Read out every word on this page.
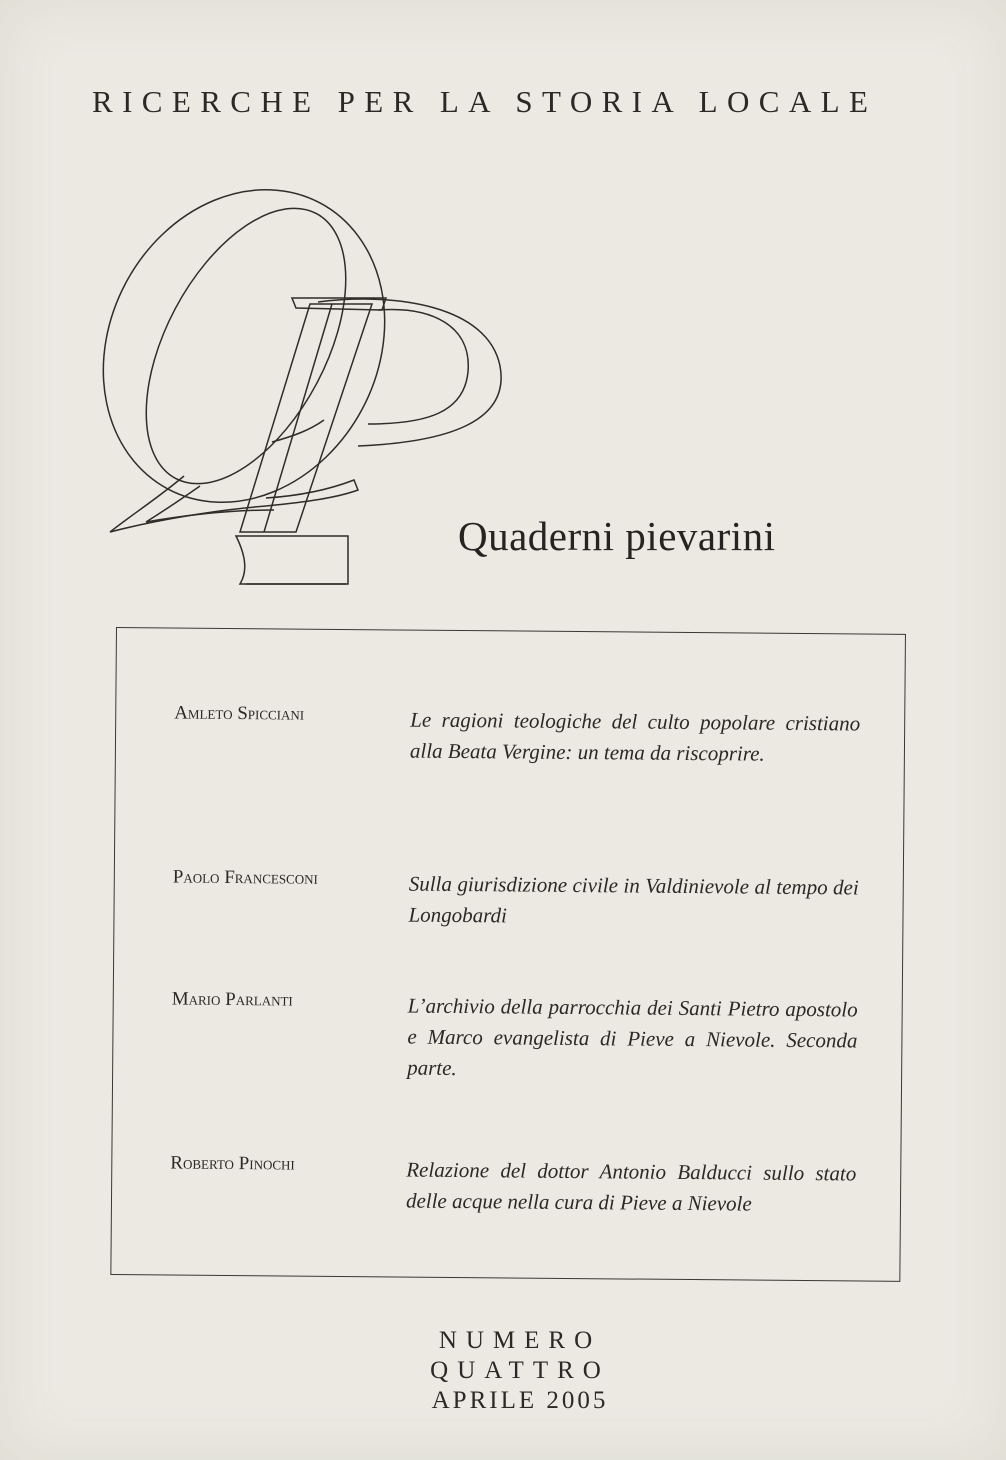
RICERCHE PER LA STORIA LOCALE
Quaderni pievarini
Amleto Spicciani	Le ragioni teologiche del culto popolare cristiano alla Beata Vergine: un tema da riscoprire.
Paolo Francesconi	Sulla giurisdizione civile in Valdinievole al tempo dei Longobardi
Mario Parlanti	L’archivio della parrocchia dei Santi Pietro apostolo e Marco evangelista di Pieve a Nievole. Seconda parte.
Roberto Pinochi	Relazione del dottor Antonio Balducci sullo stato delle acque nella cura di Pieve a Nievole
NUMERO
QUATTRO
APRILE 2005
